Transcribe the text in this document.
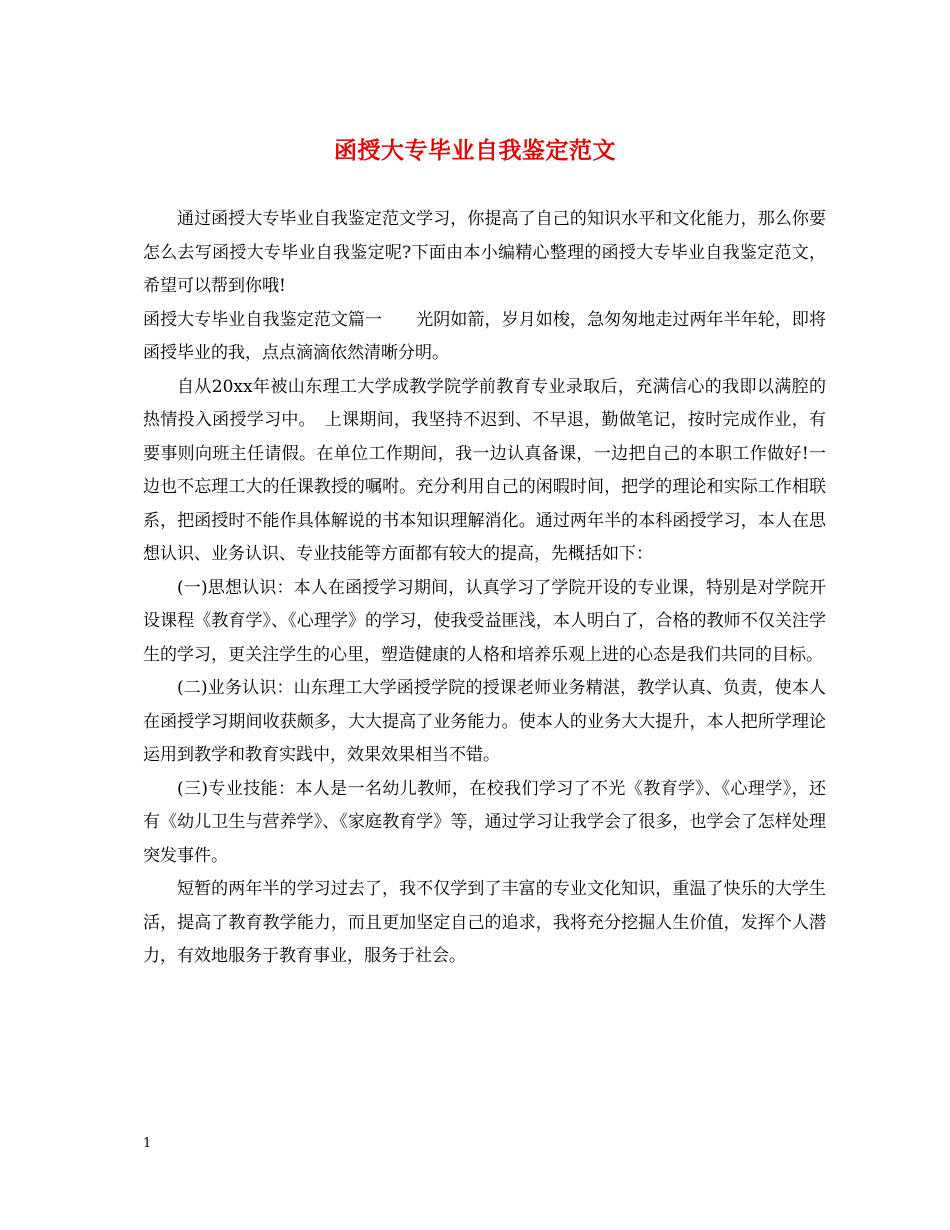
函授大专毕业自我鉴定范文

通过函授大专毕业自我鉴定范文学习，你提高了自己的知识水平和文化能力，那么你要怎么去写函授大专毕业自我鉴定呢?下面由本小编精心整理的函授大专毕业自我鉴定范文，希望可以帮到你哦!

函授大专毕业自我鉴定范文篇一　　光阴如箭，岁月如梭，急匆匆地走过两年半年轮，即将函授毕业的我，点点滴滴依然清晰分明。

自从20xx年被山东理工大学成教学院学前教育专业录取后，充满信心的我即以满腔的热情投入函授学习中。　上课期间，我坚持不迟到、不早退，勤做笔记，按时完成作业，有要事则向班主任请假。在单位工作期间，我一边认真备课，一边把自己的本职工作做好!一边也不忘理工大的任课教授的嘱咐。充分利用自己的闲暇时间，把学的理论和实际工作相联系，把函授时不能作具体解说的书本知识理解消化。通过两年半的本科函授学习，本人在思想认识、业务认识、专业技能等方面都有较大的提高，先概括如下：

(一)思想认识：本人在函授学习期间，认真学习了学院开设的专业课，特别是对学院开设课程《教育学》、《心理学》的学习，使我受益匪浅，本人明白了，合格的教师不仅关注学生的学习，更关注学生的心里，塑造健康的人格和培养乐观上进的心态是我们共同的目标。

(二)业务认识：山东理工大学函授学院的授课老师业务精湛，教学认真、负责，使本人在函授学习期间收获颇多，大大提高了业务能力。使本人的业务大大提升，本人把所学理论运用到教学和教育实践中，效果效果相当不错。

(三)专业技能：本人是一名幼儿教师，在校我们学习了不光《教育学》、《心理学》，还有《幼儿卫生与营养学》、《家庭教育学》等，通过学习让我学会了很多，也学会了怎样处理突发事件。

短暂的两年半的学习过去了，我不仅学到了丰富的专业文化知识，重温了快乐的大学生活，提高了教育教学能力，而且更加坚定自己的追求，我将充分挖掘人生价值，发挥个人潜力，有效地服务于教育事业，服务于社会。

1
